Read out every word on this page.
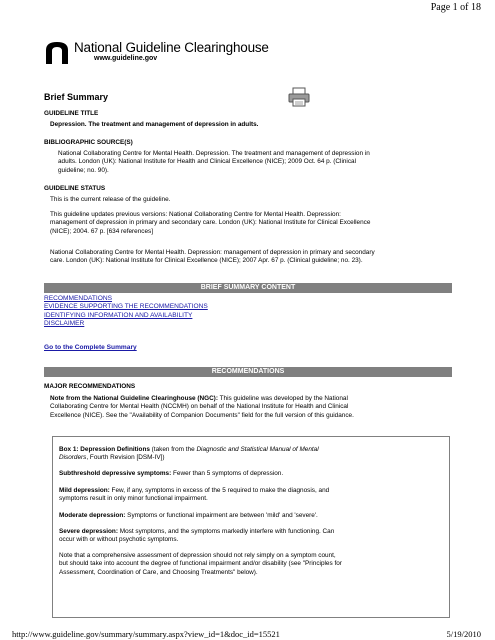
Page 1 of 18
National Guideline Clearinghouse
www.guideline.gov
Brief Summary
GUIDELINE TITLE
Depression. The treatment and management of depression in adults.
BIBLIOGRAPHIC SOURCE(S)
National Collaborating Centre for Mental Health. Depression. The treatment and management of depression in
adults. London (UK): National Institute for Health and Clinical Excellence (NICE); 2009 Oct. 64 p. (Clinical
guideline; no. 90).
GUIDELINE STATUS
This is the current release of the guideline.
This guideline updates previous versions: National Collaborating Centre for Mental Health. Depression:
management of depression in primary and secondary care. London (UK): National Institute for Clinical Excellence
(NICE); 2004. 67 p. [634 references]
National Collaborating Centre for Mental Health. Depression: management of depression in primary and secondary
care. London (UK): National Institute for Clinical Excellence (NICE); 2007 Apr. 67 p. (Clinical guideline; no. 23).
BRIEF SUMMARY CONTENT
RECOMMENDATIONS
EVIDENCE SUPPORTING THE RECOMMENDATIONS
IDENTIFYING INFORMATION AND AVAILABILITY
DISCLAIMER
Go to the Complete Summary
RECOMMENDATIONS
MAJOR RECOMMENDATIONS
Note from the National Guideline Clearinghouse (NGC): This guideline was developed by the National
Collaborating Centre for Mental Health (NCCMH) on behalf of the National Institute for Health and Clinical
Excellence (NICE). See the "Availability of Companion Documents" field for the full version of this guidance.
Box 1: Depression Definitions (taken from the Diagnostic and Statistical Manual of Mental
Disorders, Fourth Revision [DSM-IV])
Subthreshold depressive symptoms: Fewer than 5 symptoms of depression.
Mild depression: Few, if any, symptoms in excess of the 5 required to make the diagnosis, and
symptoms result in only minor functional impairment.
Moderate depression: Symptoms or functional impairment are between 'mild' and 'severe'.
Severe depression: Most symptoms, and the symptoms markedly interfere with functioning. Can
occur with or without psychotic symptoms.
Note that a comprehensive assessment of depression should not rely simply on a symptom count,
but should take into account the degree of functional impairment and/or disability (see "Principles for
Assessment, Coordination of Care, and Choosing Treatments" below).
http://www.guideline.gov/summary/summary.aspx?view_id=1&doc_id=15521	5/19/2010
